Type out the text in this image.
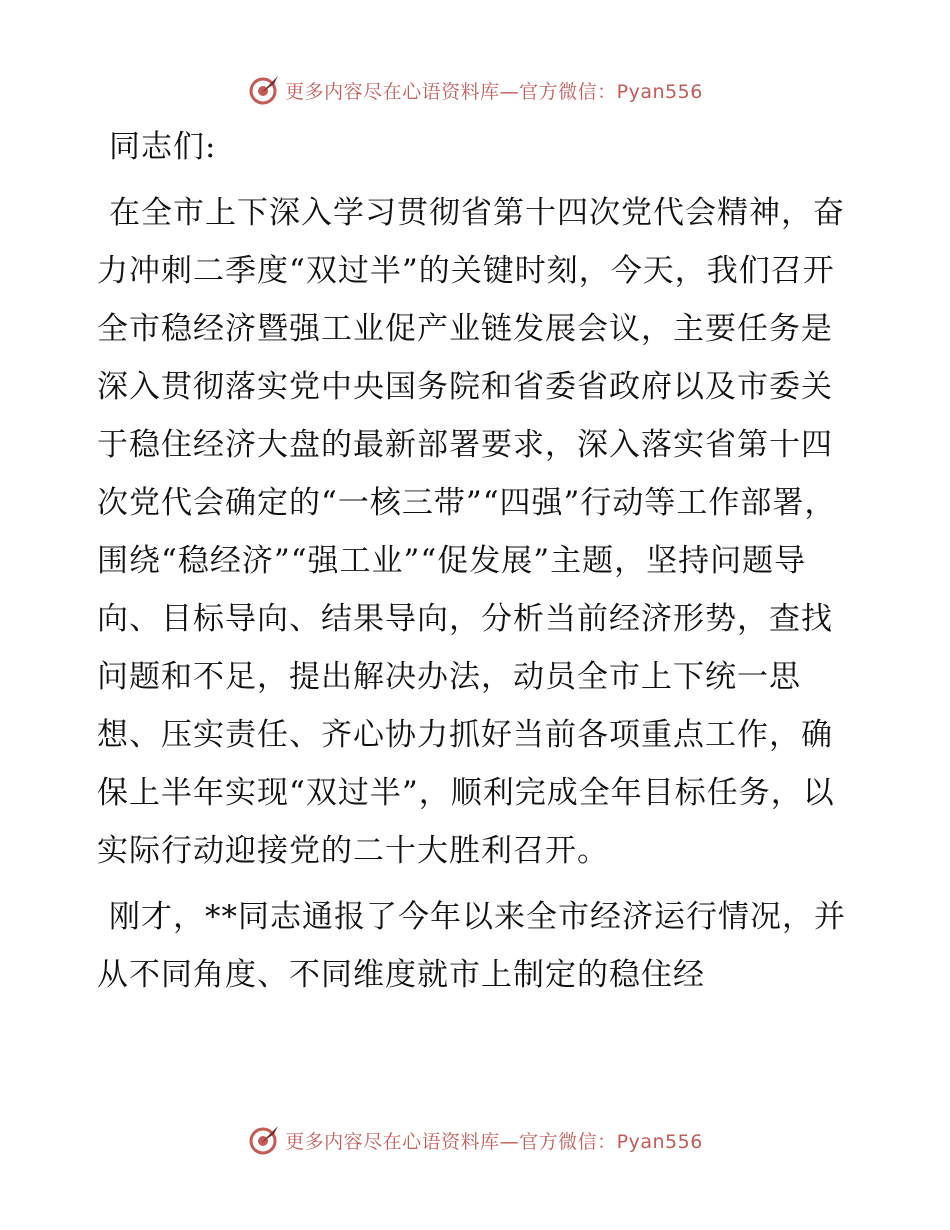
更多内容尽在心语资料库—官方微信：Pyan556

同志们:

在全市上下深入学习贯彻省第十四次党代会精神，奋力冲刺二季度“双过半”的关键时刻，今天，我们召开全市稳经济暨强工业促产业链发展会议，主要任务是深入贯彻落实党中央国务院和省委省政府以及市委关于稳住经济大盘的最新部署要求，深入落实省第十四次党代会确定的“一核三带”“四强”行动等工作部署，围绕“稳经济”“强工业”“促发展”主题，坚持问题导向、目标导向、结果导向，分析当前经济形势，查找问题和不足，提出解决办法，动员全市上下统一思想、压实责任、齐心协力抓好当前各项重点工作，确保上半年实现“双过半”，顺利完成全年目标任务，以实际行动迎接党的二十大胜利召开。

刚才，**同志通报了今年以来全市经济运行情况，并从不同角度、不同维度就市上制定的稳住经

更多内容尽在心语资料库—官方微信：Pyan556
